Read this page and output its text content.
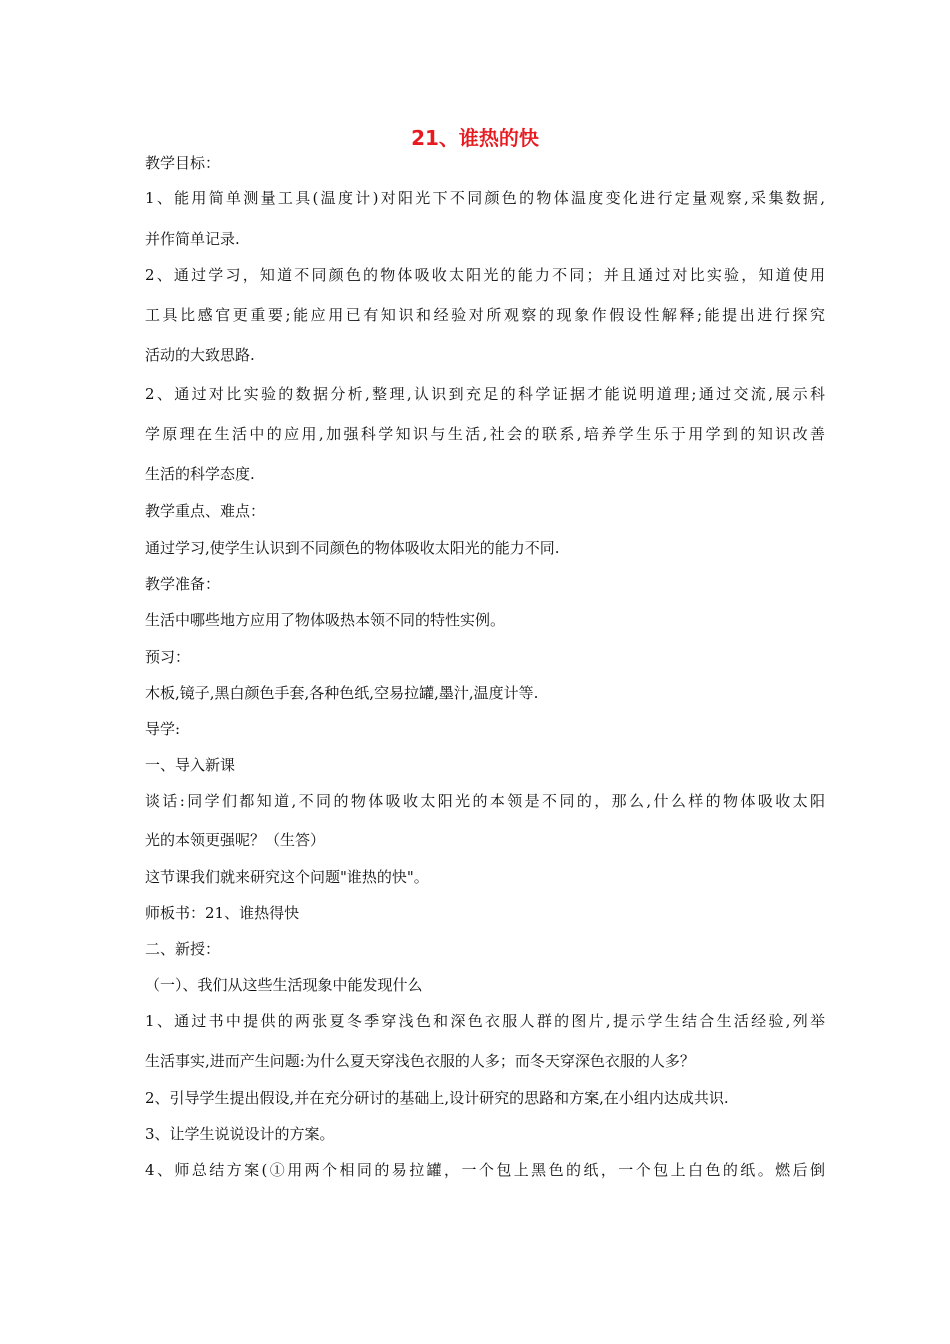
21、谁热的快

教学目标：

1、能用简单测量工具(温度计)对阳光下不同颜色的物体温度变化进行定量观察,采集数据,

并作简单记录.

2、通过学习，知道不同颜色的物体吸收太阳光的能力不同；并且通过对比实验，知道使用

工具比感官更重要;能应用已有知识和经验对所观察的现象作假设性解释;能提出进行探究

活动的大致思路.

2、通过对比实验的数据分析,整理,认识到充足的科学证据才能说明道理;通过交流,展示科

学原理在生活中的应用,加强科学知识与生活,社会的联系,培养学生乐于用学到的知识改善

生活的科学态度.

教学重点、难点：

通过学习,使学生认识到不同颜色的物体吸收太阳光的能力不同.

教学准备：

生活中哪些地方应用了物体吸热本领不同的特性实例。

预习：

木板,镜子,黑白颜色手套,各种色纸,空易拉罐,墨汁,温度计等.

导学:

一、导入新课

谈话:同学们都知道,不同的物体吸收太阳光的本领是不同的，那么,什么样的物体吸收太阳

光的本领更强呢？（生答）

这节课我们就来研究这个问题"谁热的快"。

师板书：21、谁热得快

二、新授：

（一）、我们从这些生活现象中能发现什么

1、通过书中提供的两张夏冬季穿浅色和深色衣服人群的图片,提示学生结合生活经验,列举

生活事实,进而产生问题:为什么夏天穿浅色衣服的人多；而冬天穿深色衣服的人多？

2、引导学生提出假设,并在充分研讨的基础上,设计研究的思路和方案,在小组内达成共识.

3、让学生说说设计的方案。

4、师总结方案(①用两个相同的易拉罐，一个包上黑色的纸，一个包上白色的纸。燃后倒
